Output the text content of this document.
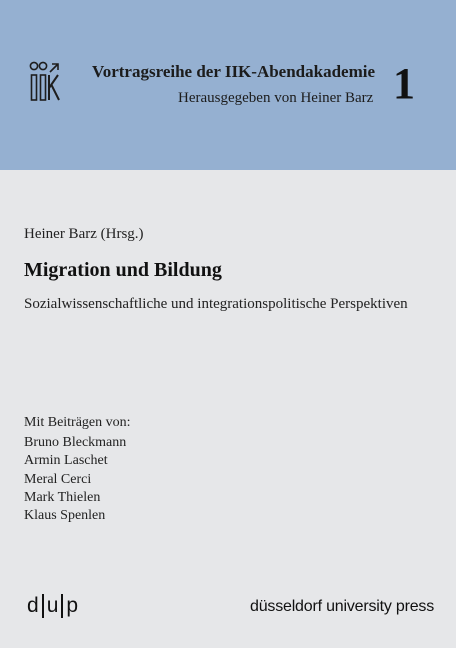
Vortragsreihe der IIK-Abendakademie
Herausgegeben von Heiner Barz 1
Heiner Barz (Hrsg.)
Migration und Bildung
Sozialwissenschaftliche und integrationspolitische Perspektiven
Mit Beiträgen von:
Bruno Bleckmann
Armin Laschet
Meral Cerci
Mark Thielen
Klaus Spenlen
d u p	düsseldorf university press
